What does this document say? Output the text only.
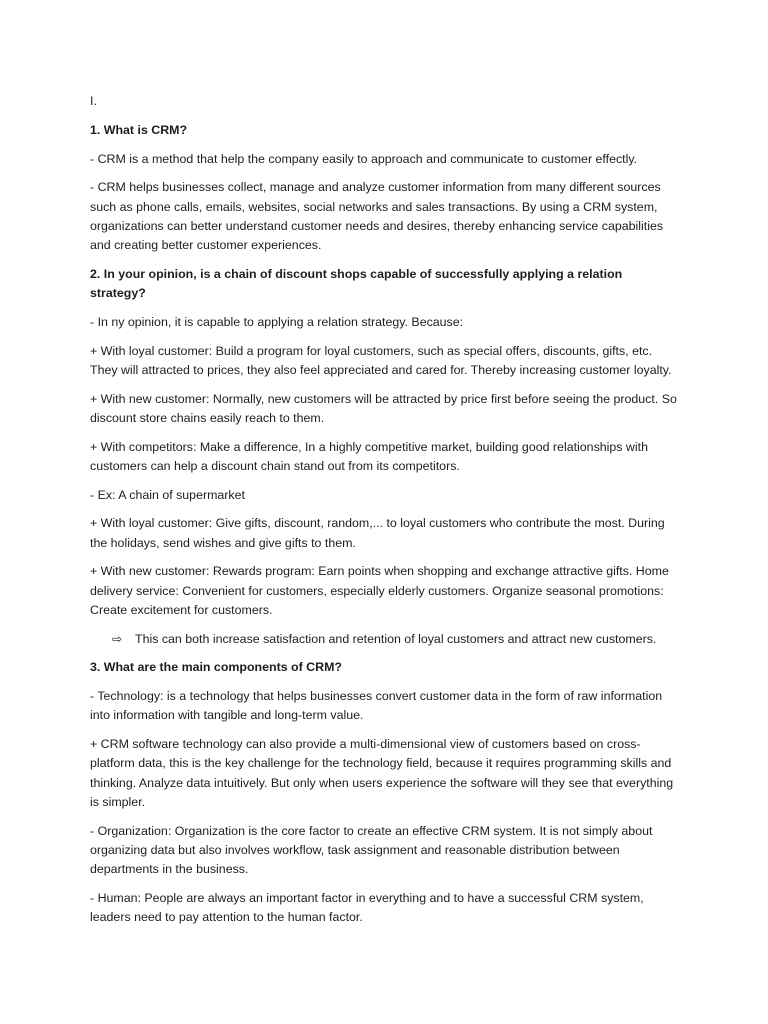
I.

1. What is CRM?

- CRM is a method that help the company easily to approach and communicate to customer effectly.

- CRM helps businesses collect, manage and analyze customer information from many different sources such as phone calls, emails, websites, social networks and sales transactions. By using a CRM system, organizations can better understand customer needs and desires, thereby enhancing service capabilities and creating better customer experiences.

2. In your opinion, is a chain of discount shops capable of successfully applying a relation strategy?

- In ny opinion, it is capable to applying a relation strategy. Because:

+ With loyal customer: Build a program for loyal customers, such as special offers, discounts, gifts, etc. They will attracted to prices, they also feel appreciated and cared for. Thereby increasing customer loyalty.

+ With new customer: Normally, new customers will be attracted by price first before seeing the product. So discount store chains easily reach to them.

+ With competitors: Make a difference, In a highly competitive market, building good relationships with customers can help a discount chain stand out from its competitors.

- Ex: A chain of supermarket

+ With loyal customer: Give gifts, discount, random,... to loyal customers who contribute the most. During the holidays, send wishes and give gifts to them.

+ With new customer: Rewards program: Earn points when shopping and exchange attractive gifts. Home delivery service: Convenient for customers, especially elderly customers. Organize seasonal promotions: Create excitement for customers.

⇨	This can both increase satisfaction and retention of loyal customers and attract new customers.

3. What are the main components of CRM?

- Technology: is a technology that helps businesses convert customer data in the form of raw information into information with tangible and long-term value.

+ CRM software technology can also provide a multi-dimensional view of customers based on cross-platform data, this is the key challenge for the technology field, because it requires programming skills and thinking. Analyze data intuitively. But only when users experience the software will they see that everything is simpler.

- Organization: Organization is the core factor to create an effective CRM system. It is not simply about organizing data but also involves workflow, task assignment and reasonable distribution between departments in the business.

- Human: People are always an important factor in everything and to have a successful CRM system, leaders need to pay attention to the human factor.
